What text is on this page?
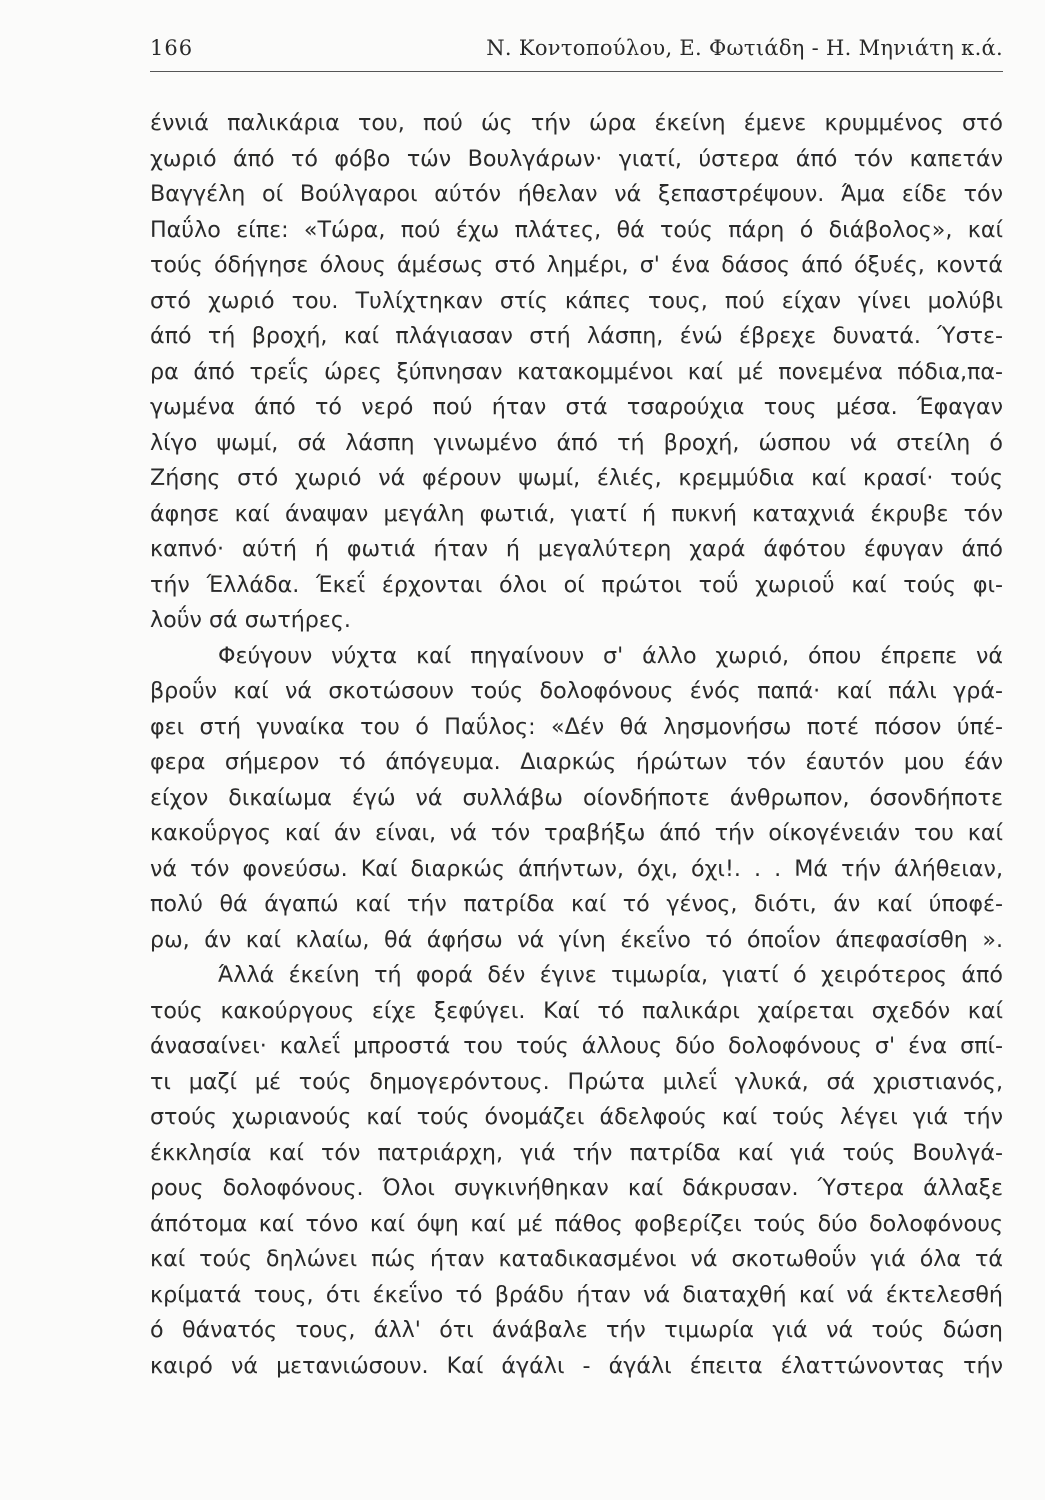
166	Ν. Κοντοπούλου, Ε. Φωτιάδη - Η. Μηνιάτη κ.ά.
έννιά παλικάρια του, πού ώς τήν ώρα έκείνη έμενε κρυμμένος στό
χωριό άπό τό φόβο τών Βουλγάρων· γιατί, ύστερα άπό τόν καπετάν
Βαγγέλη οί Βούλγαροι αύτόν ήθελαν νά ξεπαστρέψουν. Άμα είδε τόν
Παΰλο είπε: «Τώρα, πού έχω πλάτες, θά τούς πάρη ό διάβολος», καί
τούς όδήγησε όλους άμέσως στό λημέρι, σ' ένα δάσος άπό όξυές, κοντά
στό χωριό του. Τυλίχτηκαν στίς κάπες τους, πού είχαν γίνει μολύβι
άπό τή βροχή, καί πλάγιασαν στή λάσπη, ένώ έβρεχε δυνατά. Ύστε-
ρα άπό τρεΐς ώρες ξύπνησαν κατακομμένοι καί μέ πονεμένα πόδια,πα-
γωμένα άπό τό νερό πού ήταν στά τσαρούχια τους μέσα. Έφαγαν
λίγο ψωμί, σά λάσπη γινωμένο άπό τή βροχή, ώσπου νά στείλη ό
Ζήσης στό χωριό νά φέρουν ψωμί, έλιές, κρεμμύδια καί κρασί· τούς
άφησε καί άναψαν μεγάλη φωτιά, γιατί ή πυκνή καταχνιά έκρυβε τόν
καπνό· αύτή ή φωτιά ήταν ή μεγαλύτερη χαρά άφότου έφυγαν άπό
τήν Έλλάδα. Έκεΐ έρχονται όλοι οί πρώτοι τοΰ χωριοΰ καί τούς φι-
λοΰν σά σωτήρες.
Φεύγουν νύχτα καί πηγαίνουν σ' άλλο χωριό, όπου έπρεπε νά
βροΰν καί νά σκοτώσουν τούς δολοφόνους ένός παπά· καί πάλι γρά-
φει στή γυναίκα του ό Παΰλος: «Δέν θά λησμονήσω ποτέ πόσον ύπέ-
φερα σήμερον τό άπόγευμα. Διαρκώς ήρώτων τόν έαυτόν μου έάν
είχον δικαίωμα έγώ νά συλλάβω οίονδήποτε άνθρωπον, όσονδήποτε
κακοΰργος καί άν είναι, νά τόν τραβήξω άπό τήν οίκογένειάν του καί
νά τόν φονεύσω. Καί διαρκώς άπήντων, όχι, όχι!. . . Μά τήν άλήθειαν,
πολύ θά άγαπώ καί τήν πατρίδα καί τό γένος, διότι, άν καί ύποφέ-
ρω, άν καί κλαίω, θά άφήσω νά γίνη έκεΐνο τό όποΐον άπεφασίσθη ».
Άλλά έκείνη τή φορά δέν έγινε τιμωρία, γιατί ό χειρότερος άπό
τούς κακούργους είχε ξεφύγει. Καί τό παλικάρι χαίρεται σχεδόν καί
άνασαίνει· καλεΐ μπροστά του τούς άλλους δύο δολοφόνους σ' ένα σπί-
τι μαζί μέ τούς δημογερόντους. Πρώτα μιλεΐ γλυκά, σά χριστιανός,
στούς χωριανούς καί τούς όνομάζει άδελφούς καί τούς λέγει γιά τήν
έκκλησία καί τόν πατριάρχη, γιά τήν πατρίδα καί γιά τούς Βουλγά-
ρους δολοφόνους. Όλοι συγκινήθηκαν καί δάκρυσαν. Ύστερα άλλαξε
άπότομα καί τόνο καί όψη καί μέ πάθος φοβερίζει τούς δύο δολοφόνους
καί τούς δηλώνει πώς ήταν καταδικασμένοι νά σκοτωθοΰν γιά όλα τά
κρίματά τους, ότι έκεΐνο τό βράδυ ήταν νά διαταχθή καί νά έκτελεσθή
ό θάνατός τους, άλλ' ότι άνάβαλε τήν τιμωρία γιά νά τούς δώση
καιρό νά μετανιώσουν. Καί άγάλι - άγάλι έπειτα έλαττώνοντας τήν
